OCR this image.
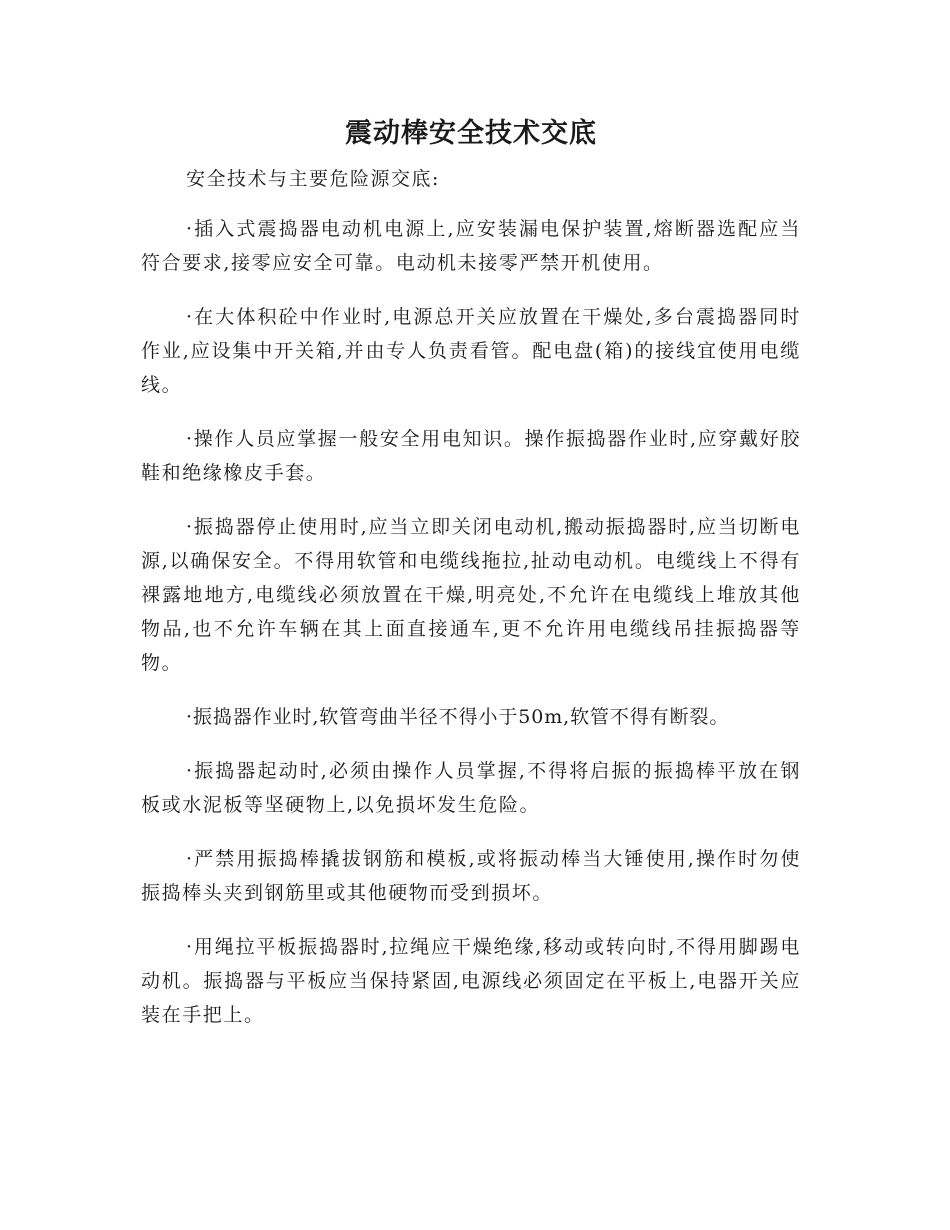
震动棒安全技术交底

安全技术与主要危险源交底:

·插入式震捣器电动机电源上,应安装漏电保护装置,熔断器选配应当符合要求,接零应安全可靠。电动机未接零严禁开机使用。

·在大体积砼中作业时,电源总开关应放置在干燥处,多台震捣器同时作业,应设集中开关箱,并由专人负责看管。配电盘(箱)的接线宜使用电缆线。

·操作人员应掌握一般安全用电知识。操作振捣器作业时,应穿戴好胶鞋和绝缘橡皮手套。

·振捣器停止使用时,应当立即关闭电动机,搬动振捣器时,应当切断电源,以确保安全。不得用软管和电缆线拖拉,扯动电动机。电缆线上不得有裸露地地方,电缆线必须放置在干燥,明亮处,不允许在电缆线上堆放其他物品,也不允许车辆在其上面直接通车,更不允许用电缆线吊挂振捣器等物。

·振捣器作业时,软管弯曲半径不得小于50m,软管不得有断裂。

·振捣器起动时,必须由操作人员掌握,不得将启振的振捣棒平放在钢板或水泥板等坚硬物上,以免损坏发生危险。

·严禁用振捣棒撬拔钢筋和模板,或将振动棒当大锤使用,操作时勿使振捣棒头夹到钢筋里或其他硬物而受到损坏。

·用绳拉平板振捣器时,拉绳应干燥绝缘,移动或转向时,不得用脚踢电动机。振捣器与平板应当保持紧固,电源线必须固定在平板上,电器开关应装在手把上。
